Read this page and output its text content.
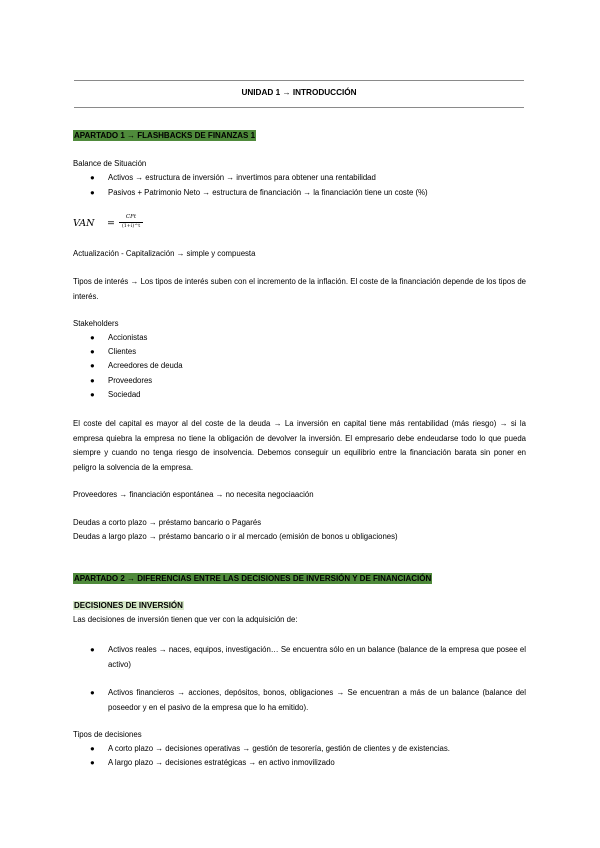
UNIDAD 1 → INTRODUCCIÓN
APARTADO 1 → FLASHBACKS DE FINANZAS 1
Balance de Situación
● Activos → estructura de inversión → invertimos para obtener una rentabilidad
● Pasivos + Patrimonio Neto → estructura de financiación → la financiación tiene un coste (%)
VAN =
CFt
(1+i)^t
Actualización - Capitalización → simple y compuesta
Tipos de interés → Los tipos de interés suben con el incremento de la inflación. El coste de la financiación depende de los tipos de interés.
Stakeholders
● Accionistas
● Clientes
● Acreedores de deuda
● Proveedores
● Sociedad
El coste del capital es mayor al del coste de la deuda → La inversión en capital tiene más rentabilidad (más riesgo) → si la empresa quiebra la empresa no tiene la obligación de devolver la inversión. El empresario debe endeudarse todo lo que pueda siempre y cuando no tenga riesgo de insolvencia. Debemos conseguir un equilibrio entre la financiación barata sin poner en peligro la solvencia de la empresa.
Proveedores → financiación espontánea → no necesita negociaación
Deudas a corto plazo → préstamo bancario o Pagarés
Deudas a largo plazo → préstamo bancario o ir al mercado (emisión de bonos u obligaciones)
APARTADO 2 → DIFERENCIAS ENTRE LAS DECISIONES DE INVERSIÓN Y DE FINANCIACIÓN
DECISIONES DE INVERSIÓN
Las decisiones de inversión tienen que ver con la adquisición de:
● Activos reales → naces, equipos, investigación… Se encuentra sólo en un balance (balance de la empresa que posee el activo)
● Activos financieros → acciones, depósitos, bonos, obligaciones → Se encuentran a más de un balance (balance del poseedor y en el pasivo de la empresa que lo ha emitido).
Tipos de decisiones
● A corto plazo → decisiones operativas → gestión de tesorería, gestión de clientes y de existencias.
● A largo plazo → decisiones estratégicas → en activo inmovilizado
